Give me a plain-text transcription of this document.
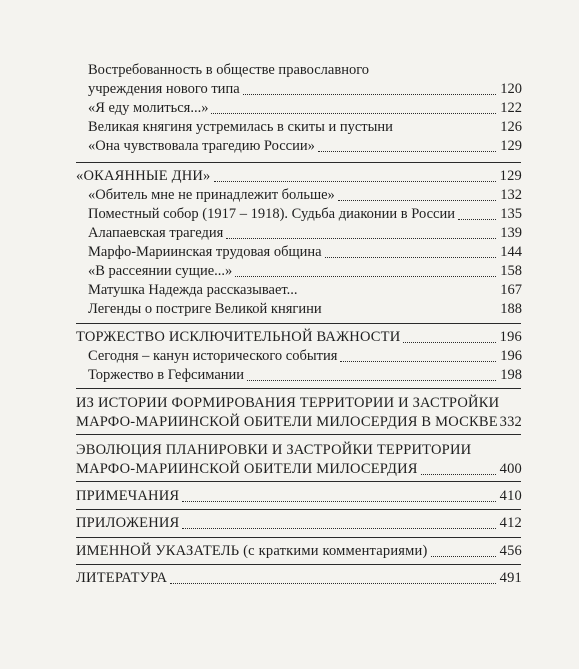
Востребованность в обществе православного
учреждения нового типа	120
«Я еду молиться...»	122
Великая княгиня устремилась в скиты и пустыни	126
«Она чувствовала трагедию России»	129
«ОКАЯННЫЕ ДНИ»	129
«Обитель мне не принадлежит больше»	132
Поместный собор (1917 – 1918). Судьба диаконии в России	135
Алапаевская трагедия	139
Марфо-Мариинская трудовая община	144
«В рассеянии сущие...»	158
Матушка Надежда рассказывает...	167
Легенды о постриге Великой княгини	188
ТОРЖЕСТВО ИСКЛЮЧИТЕЛЬНОЙ ВАЖНОСТИ	196
Сегодня – канун исторического события	196
Торжество в Гефсимании	198
ИЗ ИСТОРИИ ФОРМИРОВАНИЯ ТЕРРИТОРИИ И ЗАСТРОЙКИ
МАРФО-МАРИИНСКОЙ ОБИТЕЛИ МИЛОСЕРДИЯ В МОСКВЕ 332
ЭВОЛЮЦИЯ ПЛАНИРОВКИ И ЗАСТРОЙКИ ТЕРРИТОРИИ
МАРФО-МАРИИНСКОЙ ОБИТЕЛИ МИЛОСЕРДИЯ	400
ПРИМЕЧАНИЯ	410
ПРИЛОЖЕНИЯ	412
ИМЕННОЙ УКАЗАТЕЛЬ (с краткими комментариями)	456
ЛИТЕРАТУРА	491
